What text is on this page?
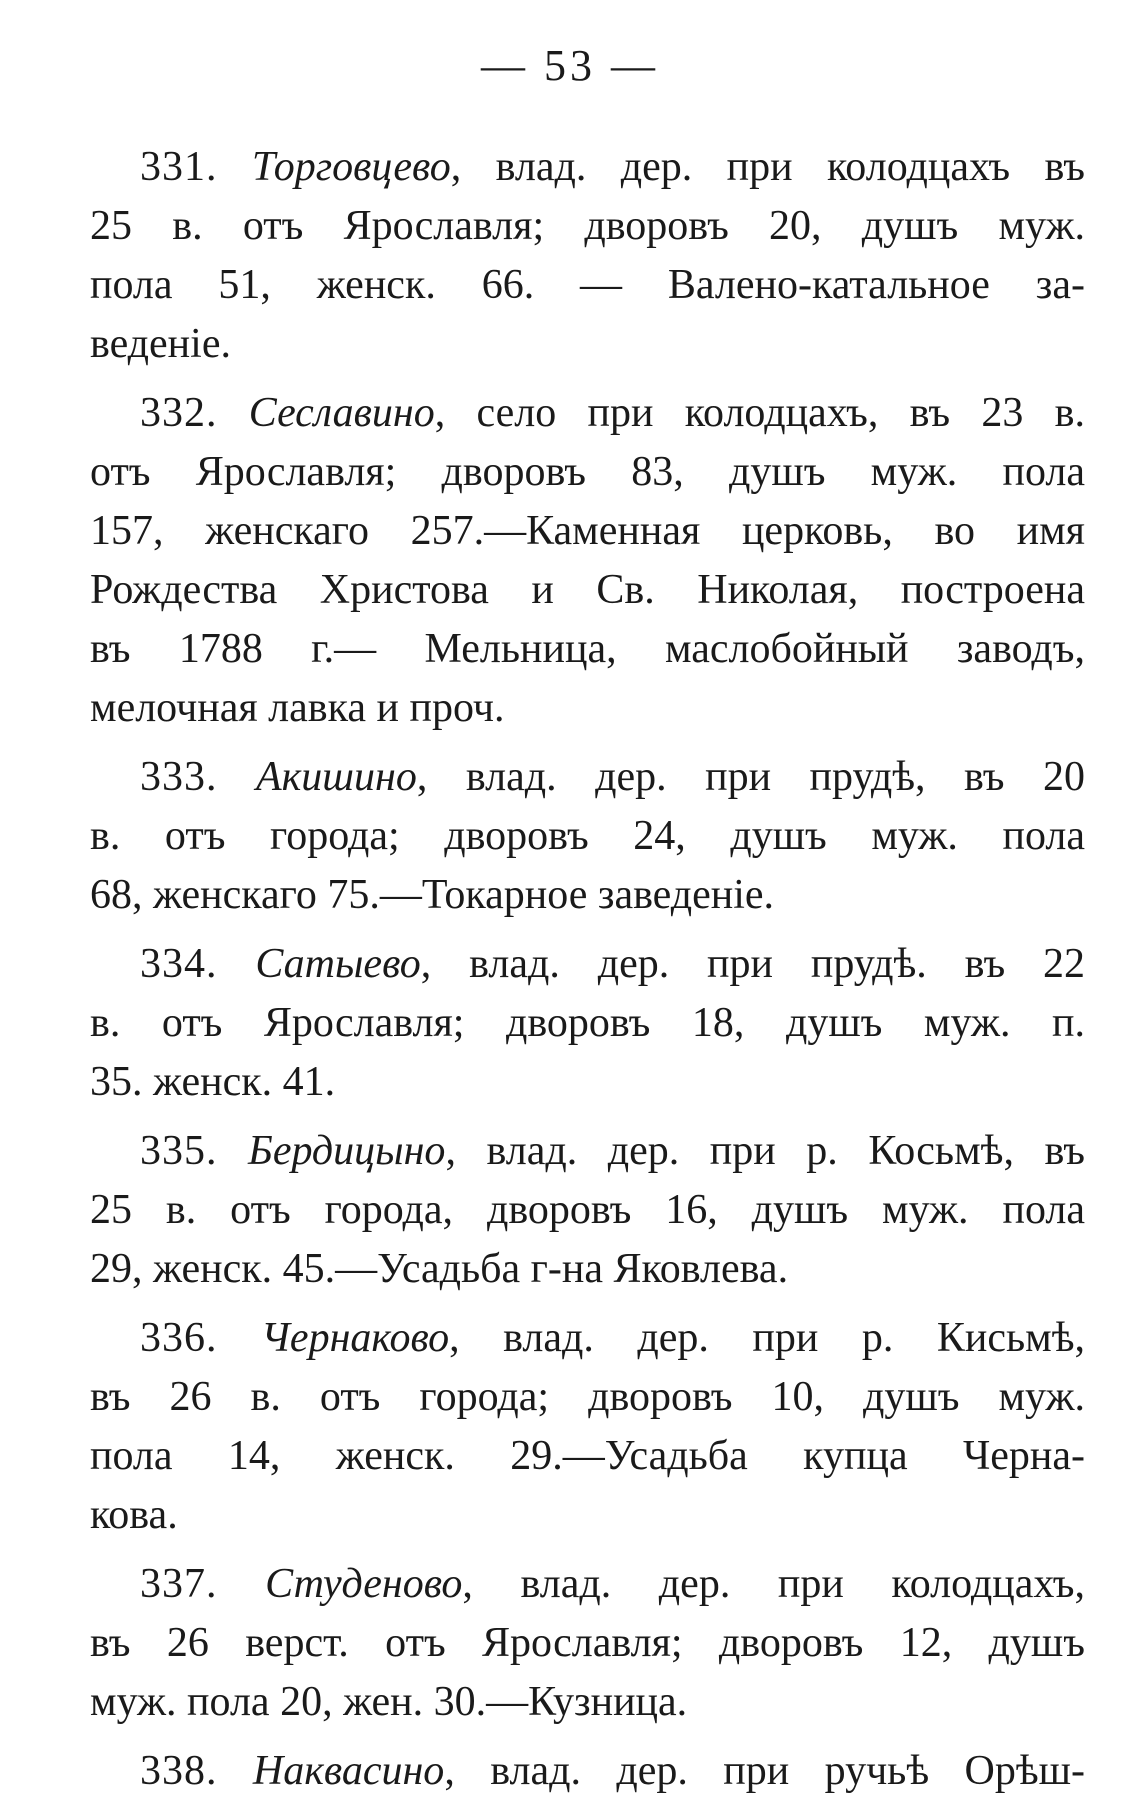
— 53 —
331. Торговцево, влад. дер. при колодцахъ въ
25 в. отъ Ярославля; дворовъ 20, душъ муж.
пола 51, женск. 66. — Валено-катальное за-
веденіе.
332. Сеславино, село при колодцахъ, въ 23 в.
отъ Ярославля; дворовъ 83, душъ муж. пола
157, женскаго 257.—Каменная церковь, во имя
Рождества Христова и Св. Николая, построена
въ 1788 г.— Мельница, маслобойный заводъ,
мелочная лавка и проч.
333. Акишино, влад. дер. при прудѣ, въ 20
в. отъ города; дворовъ 24, душъ муж. пола
68, женскаго 75.—Токарное заведеніе.
334. Сатыево, влад. дер. при прудѣ. въ 22
в. отъ Ярославля; дворовъ 18, душъ муж. п.
35. женск. 41.
335. Бердицыно, влад. дер. при р. Косьмѣ, въ
25 в. отъ города, дворовъ 16, душъ муж. пола
29, женск. 45.—Усадьба г-на Яковлева.
336. Чернаково, влад. дер. при р. Кисьмѣ,
въ 26 в. отъ города; дворовъ 10, душъ муж.
пола 14, женск. 29.—Усадьба купца Черна-
кова.
337. Студеново, влад. дер. при колодцахъ,
въ 26 верст. отъ Ярославля; дворовъ 12, душъ
муж. пола 20, жен. 30.—Кузница.
338. Наквасино, влад. дер. при ручьѣ Орѣш-
